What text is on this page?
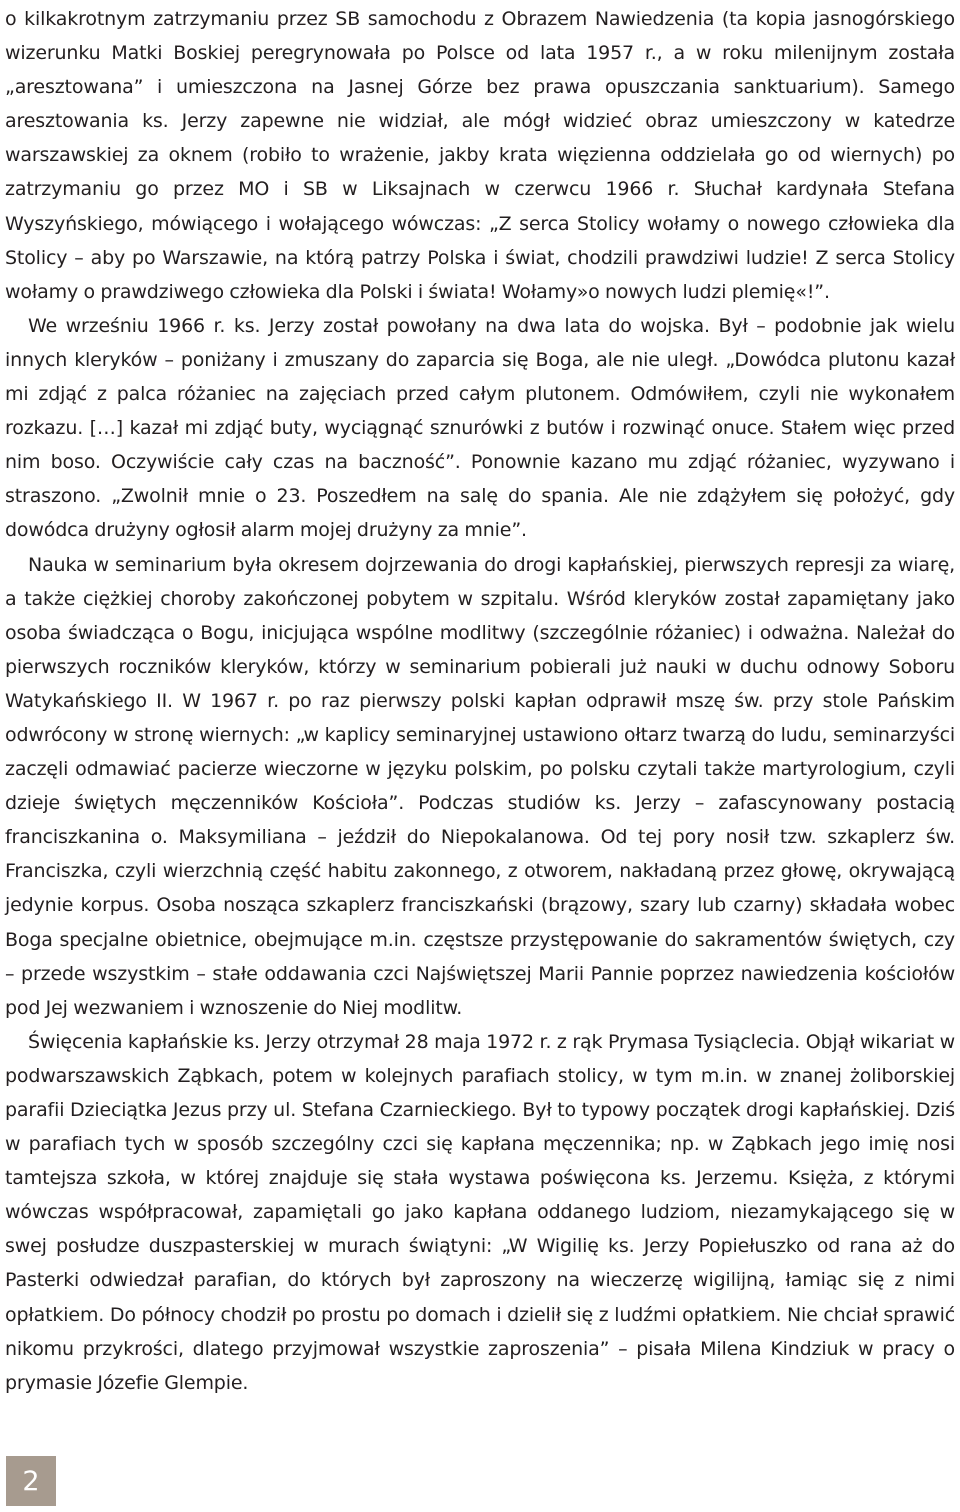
o kilkakrotnym zatrzymaniu przez SB samochodu z Obrazem Nawiedzenia (ta kopia jasnogórskiego wizerunku Matki Boskiej peregrynowała po Polsce od lata 1957 r., a w roku milenijnym została „aresztowana” i umieszczona na Jasnej Górze bez prawa opuszczania sanktuarium). Samego aresztowania ks. Jerzy zapewne nie widział, ale mógł widzieć obraz umieszczony w katedrze warszawskiej za oknem (robiło to wrażenie, jakby krata więzienna oddzielała go od wiernych) po zatrzymaniu go przez MO i SB w Liksajnach w czerwcu 1966 r. Słuchał kardynała Stefana Wyszyńskiego, mówiącego i wołającego wówczas: „Z serca Stolicy wołamy o nowego człowieka dla Stolicy – aby po Warszawie, na którą patrzy Polska i świat, chodzili prawdziwi ludzie! Z serca Stolicy wołamy o prawdziwego człowieka dla Polski i świata! Wołamy»o nowych ludzi plemię«!”.

We wrześniu 1966 r. ks. Jerzy został powołany na dwa lata do wojska. Był – podobnie jak wielu innych kleryków – poniżany i zmuszany do zaparcia się Boga, ale nie uległ. „Dowódca plutonu kazał mi zdjąć z palca różaniec na zajęciach przed całym plutonem. Odmówiłem, czyli nie wykonałem rozkazu. […] kazał mi zdjąć buty, wyciągnąć sznurówki z butów i rozwinąć onuce. Stałem więc przed nim boso. Oczywiście cały czas na baczność”. Ponownie kazano mu zdjąć różaniec, wyzywano i straszono. „Zwolnił mnie o 23. Poszedłem na salę do spania. Ale nie zdążyłem się położyć, gdy dowódca drużyny ogłosił alarm mojej drużyny za mnie”.

Nauka w seminarium była okresem dojrzewania do drogi kapłańskiej, pierwszych represji za wiarę, a także ciężkiej choroby zakończonej pobytem w szpitalu. Wśród kleryków został zapamiętany jako osoba świadcząca o Bogu, inicjująca wspólne modlitwy (szczególnie różaniec) i odważna. Należał do pierwszych roczników kleryków, którzy w seminarium pobierali już nauki w duchu odnowy Soboru Watykańskiego II. W 1967 r. po raz pierwszy polski kapłan odprawił mszę św. przy stole Pańskim odwrócony w stronę wiernych: „w kaplicy seminaryjnej ustawiono ołtarz twarzą do ludu, seminarzyści zaczęli odmawiać pacierze wieczorne w języku polskim, po polsku czytali także martyrologium, czyli dzieje świętych męczenników Kościoła”. Podczas studiów ks. Jerzy – zafascynowany postacią franciszkanina o. Maksymiliana – jeździł do Niepokalanowa. Od tej pory nosił tzw. szkaplerz św. Franciszka, czyli wierzchnią część habitu zakonnego, z otworem, nakładaną przez głowę, okrywającą jedynie korpus. Osoba nosząca szkaplerz franciszkański (brązowy, szary lub czarny) składała wobec Boga specjalne obietnice, obejmujące m.in. częstsze przystępowanie do sakramentów świętych, czy – przede wszystkim – stałe oddawania czci Najświętszej Marii Pannie poprzez nawiedzenia kościołów pod Jej wezwaniem i wznoszenie do Niej modlitw.

Święcenia kapłańskie ks. Jerzy otrzymał 28 maja 1972 r. z rąk Prymasa Tysiąclecia. Objął wikariat w podwarszawskich Ząbkach, potem w kolejnych parafiach stolicy, w tym m.in. w znanej żoliborskiej parafii Dzieciątka Jezus przy ul. Stefana Czarnieckiego. Był to typowy początek drogi kapłańskiej. Dziś w parafiach tych w sposób szczególny czci się kapłana męczennika; np. w Ząbkach jego imię nosi tamtejsza szkoła, w której znajduje się stała wystawa poświęcona ks. Jerzemu. Księża, z którymi wówczas współpracował, zapamiętali go jako kapłana oddanego ludziom, niezamykającego się w swej posłudze duszpasterskiej w murach świątyni: „W Wigilię ks. Jerzy Popiełuszko od rana aż do Pasterki odwiedzał parafian, do których był zaproszony na wieczerzę wigilijną, łamiąc się z nimi opłatkiem. Do północy chodził po prostu po domach i dzielił się z ludźmi opłatkiem. Nie chciał sprawić nikomu przykrości, dlatego przyjmował wszystkie zaproszenia” – pisała Milena Kindziuk w pracy o prymasie Józefie Glempie.

2
